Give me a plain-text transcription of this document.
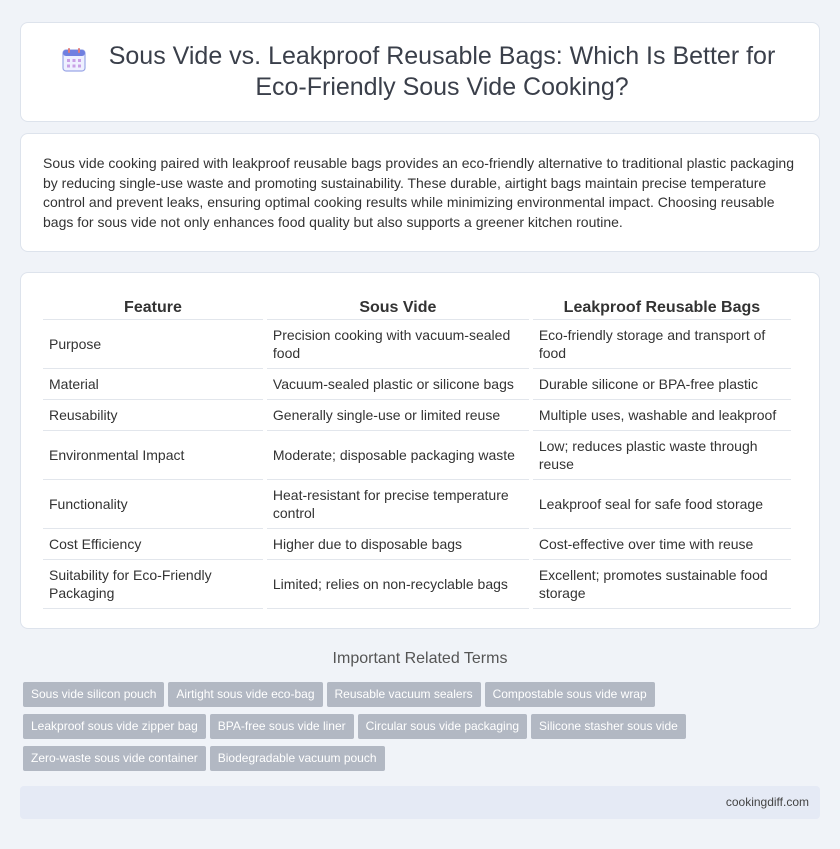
Sous Vide vs. Leakproof Reusable Bags: Which Is Better for Eco-Friendly Sous Vide Cooking?

Sous vide cooking paired with leakproof reusable bags provides an eco-friendly alternative to traditional plastic packaging by reducing single-use waste and promoting sustainability. These durable, airtight bags maintain precise temperature control and prevent leaks, ensuring optimal cooking results while minimizing environmental impact. Choosing reusable bags for sous vide not only enhances food quality but also supports a greener kitchen routine.

Feature	Sous Vide	Leakproof Reusable Bags
Purpose	Precision cooking with vacuum-sealed food	Eco-friendly storage and transport of food
Material	Vacuum-sealed plastic or silicone bags	Durable silicone or BPA-free plastic
Reusability	Generally single-use or limited reuse	Multiple uses, washable and leakproof
Environmental Impact	Moderate; disposable packaging waste	Low; reduces plastic waste through reuse
Functionality	Heat-resistant for precise temperature control	Leakproof seal for safe food storage
Cost Efficiency	Higher due to disposable bags	Cost-effective over time with reuse
Suitability for Eco-Friendly Packaging	Limited; relies on non-recyclable bags	Excellent; promotes sustainable food storage
Important Related Terms
Sous vide silicon pouch Airtight sous vide eco-bag Reusable vacuum sealers Compostable sous vide wrap
Leakproof sous vide zipper bag BPA-free sous vide liner Circular sous vide packaging Silicone stasher sous vide
Zero-waste sous vide container Biodegradable vacuum pouch
cookingdiff.com
